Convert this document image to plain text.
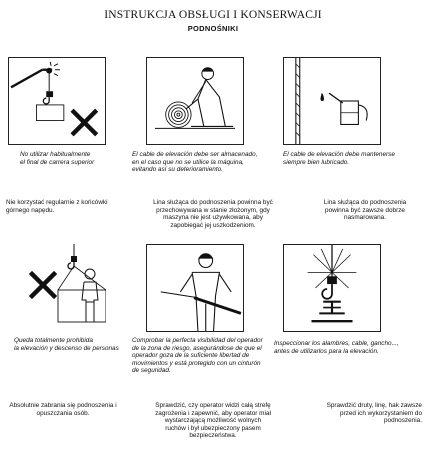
INSTRUKCJA OBSŁUGI I KONSERWACJI
PODNOŚNIKI
No utilizar habitualmente
el final de carrera superior
El cable de elevación debe ser almacenado,
en el caso que no se utilice la máquina,
evitando así su deterioramiento.
El cable de elevación debe mantenerse
siempre bien lubricado.
Nie korzystać regularnie z końcówki
górnego napędu.
Lina służąca do podnoszenia powinna być
przechowywana w stanie złożonym, gdy
maszyna nie jest używkowana, aby
zapobiegać jej uszkodzeniom.
Lina służąca do podnoszenia
powinna być zawsze dobrze
nasmarowana.
Queda totalmente prohibida
la elevación y descenso de personas
Comprobar la perfecta visibilidad del operador
de la zona de riesgo, asegurándose de que el
operador goza de la suficiente libertad de
movimientos y está protegido con un cinturón
de seguridad.
Inspeccionar los alambres, cable, gancho...,
antes de utilizarlos para la elevación.
Absolutnie zabrania się podnoszenia i
opuszczania osób.
Sprawdzić, czy operator widzi całą strefę
zagrożenia i zapewnić, aby operator miał
wystarczającą możliwość wolnych
ruchów i był ubezpieczony pasem
bezpieczeństwa.
Sprawdzić druty, linę, hak zawsze
przed ich wykorzystaniem do
podnoszenia.
